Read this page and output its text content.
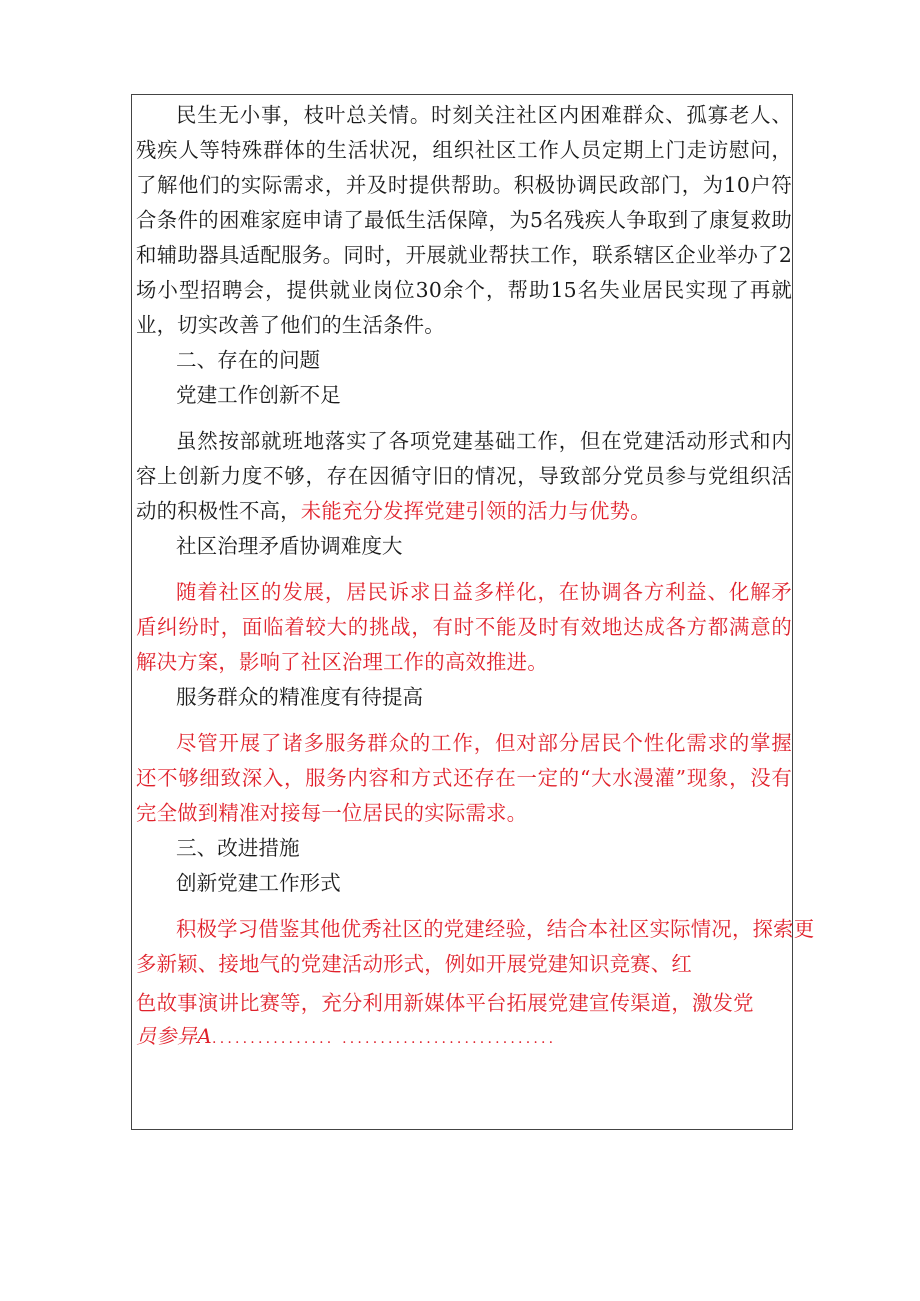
民生无小事，枝叶总关情。时刻关注社区内困难群众、孤寡老人、残疾人等特殊群体的生活状况，组织社区工作人员定期上门走访慰问，了解他们的实际需求，并及时提供帮助。积极协调民政部门，为10户符合条件的困难家庭申请了最低生活保障，为5名残疾人争取到了康复救助和辅助器具适配服务。同时，开展就业帮扶工作，联系辖区企业举办了2场小型招聘会，提供就业岗位30余个，帮助15名失业居民实现了再就业，切实改善了他们的生活条件。

二、存在的问题

党建工作创新不足

虽然按部就班地落实了各项党建基础工作，但在党建活动形式和内容上创新力度不够，存在因循守旧的情况，导致部分党员参与党组织活动的积极性不高，未能充分发挥党建引领的活力与优势。

社区治理矛盾协调难度大

随着社区的发展，居民诉求日益多样化，在协调各方利益、化解矛盾纠纷时，面临着较大的挑战，有时不能及时有效地达成各方都满意的解决方案，影响了社区治理工作的高效推进。

服务群众的精准度有待提高

尽管开展了诸多服务群众的工作，但对部分居民个性化需求的掌握还不够细致深入，服务内容和方式还存在一定的“大水漫灌”现象，没有完全做到精准对接每一位居民的实际需求。

三、改进措施

创新党建工作形式

积极学习借鉴其他优秀社区的党建经验，结合本社区实际情况，探索更

多新颖、接地气的党建活动形式，例如开展党建知识竞赛、红

色故事演讲比赛等，充分利用新媒体平台拓展党建宣传渠道，激发党

员参异A................ ............................
